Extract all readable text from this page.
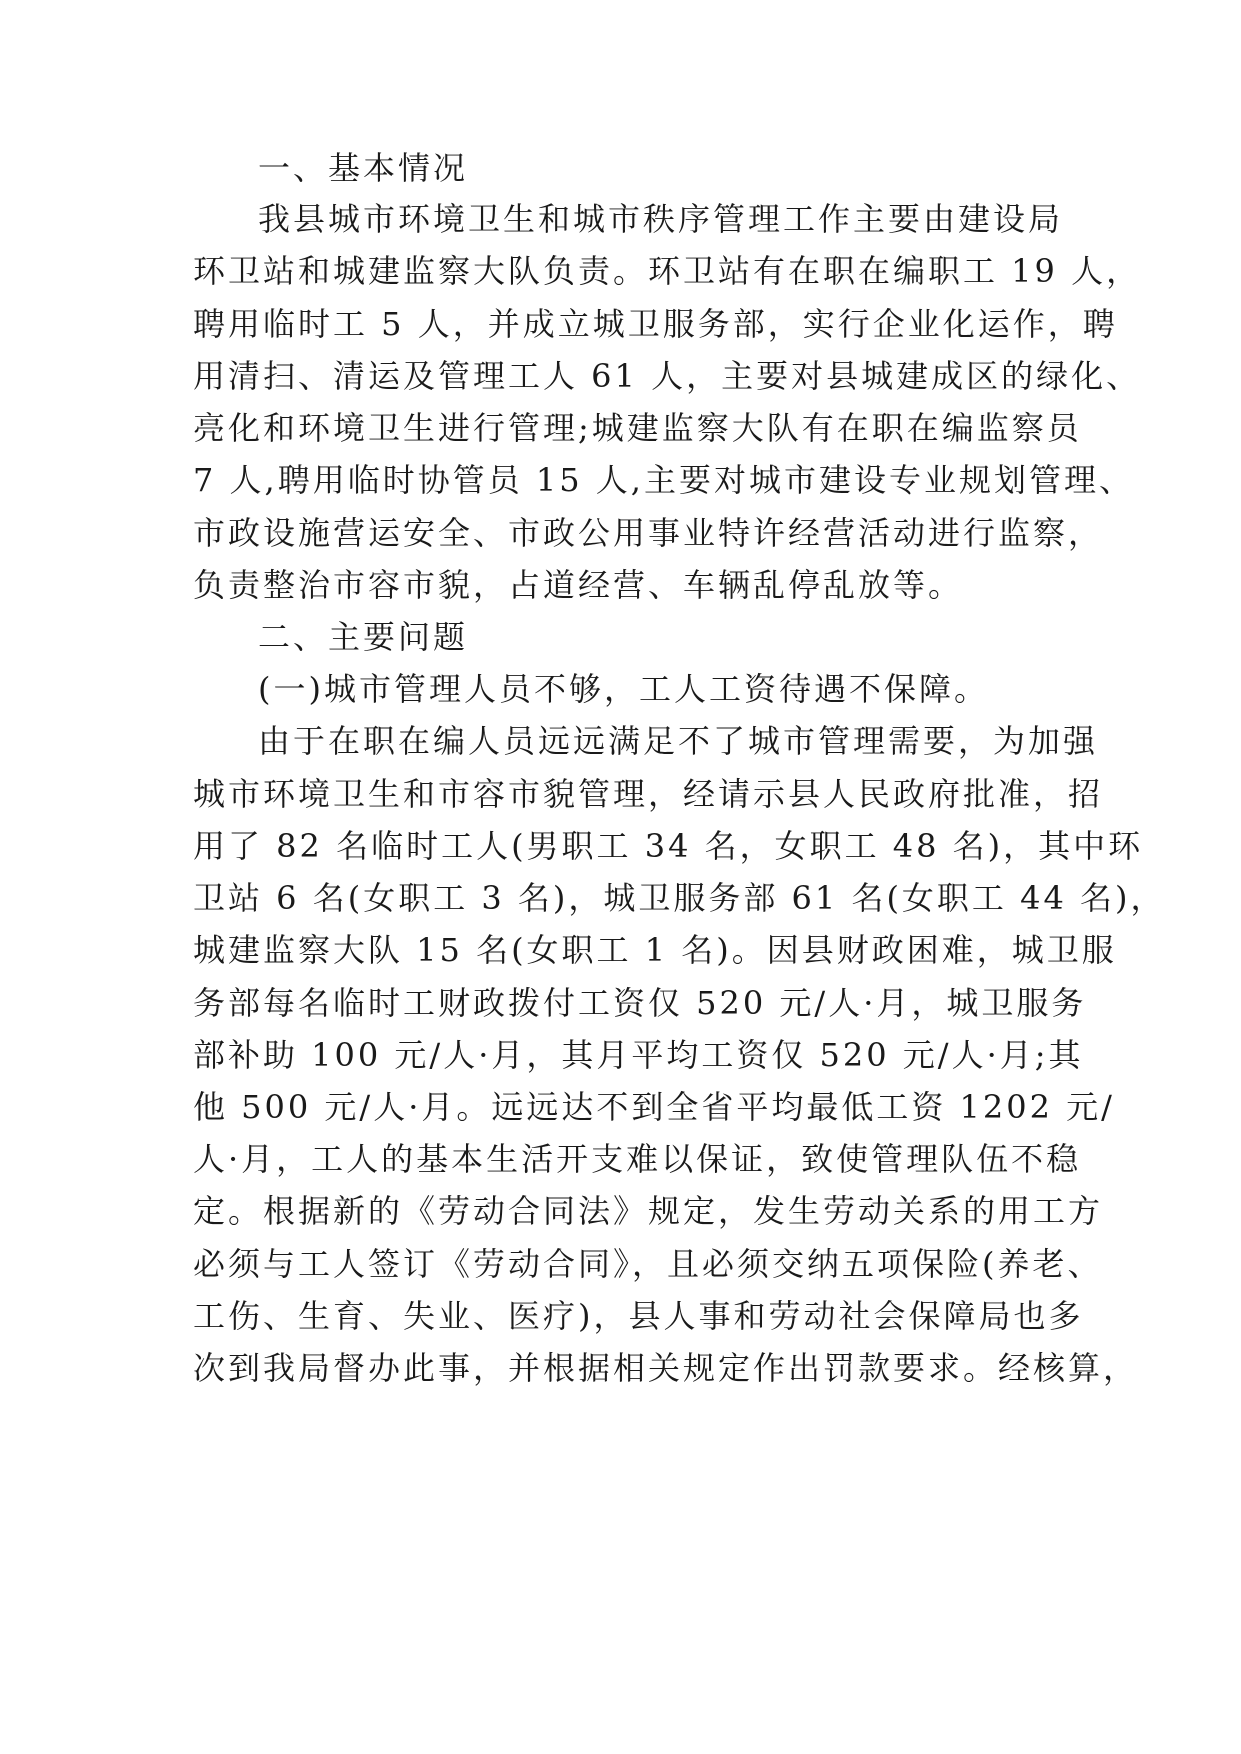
一、基本情况
我县城市环境卫生和城市秩序管理工作主要由建设局
环卫站和城建监察大队负责。环卫站有在职在编职工 19 人，
聘用临时工 5 人，并成立城卫服务部，实行企业化运作，聘
用清扫、清运及管理工人 61 人，主要对县城建成区的绿化、
亮化和环境卫生进行管理;城建监察大队有在职在编监察员
7 人,聘用临时协管员 15 人,主要对城市建设专业规划管理、
市政设施营运安全、市政公用事业特许经营活动进行监察，
负责整治市容市貌，占道经营、车辆乱停乱放等。
二、主要问题
(一)城市管理人员不够，工人工资待遇不保障。
由于在职在编人员远远满足不了城市管理需要，为加强
城市环境卫生和市容市貌管理，经请示县人民政府批准，招
用了 82 名临时工人(男职工 34 名，女职工 48 名)，其中环
卫站 6 名(女职工 3 名)，城卫服务部 61 名(女职工 44 名)，
城建监察大队 15 名(女职工 1 名)。因县财政困难，城卫服
务部每名临时工财政拨付工资仅 520 元/人·月，城卫服务
部补助 100 元/人·月，其月平均工资仅 520 元/人·月;其
他 500 元/人·月。远远达不到全省平均最低工资 1202 元/
人·月，工人的基本生活开支难以保证，致使管理队伍不稳
定。根据新的《劳动合同法》规定，发生劳动关系的用工方
必须与工人签订《劳动合同》，且必须交纳五项保险(养老、
工伤、生育、失业、医疗)，县人事和劳动社会保障局也多
次到我局督办此事，并根据相关规定作出罚款要求。经核算，
